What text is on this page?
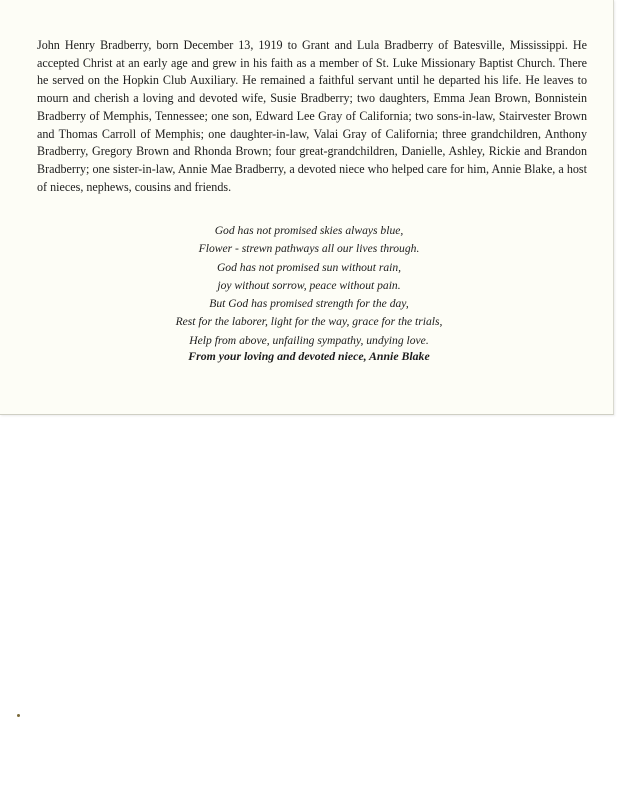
John Henry Bradberry, born December 13, 1919 to Grant and Lula Bradberry of Batesville, Mississippi. He accepted Christ at an early age and grew in his faith as a member of St. Luke Missionary Baptist Church. There he served on the Hopkin Club Auxiliary. He remained a faithful servant until he departed his life. He leaves to mourn and cherish a loving and devoted wife, Susie Bradberry; two daughters, Emma Jean Brown, Bonnistein Bradberry of Memphis, Tennessee; one son, Edward Lee Gray of California; two sons-in-law, Stairvester Brown and Thomas Carroll of Memphis; one daughter-in-law, Valai Gray of California; three grandchildren, Anthony Bradberry, Gregory Brown and Rhonda Brown; four great-grandchildren, Danielle, Ashley, Rickie and Brandon Bradberry; one sister-in-law, Annie Mae Bradberry, a devoted niece who helped care for him, Annie Blake, a host of nieces, nephews, cousins and friends.

God has not promised skies always blue,
Flower - strewn pathways all our lives through.
God has not promised sun without rain,
joy without sorrow, peace without pain.
But God has promised strength for the day,
Rest for the laborer, light for the way, grace for the trials,
Help from above, unfailing sympathy, undying love.

From your loving and devoted niece, Annie Blake
